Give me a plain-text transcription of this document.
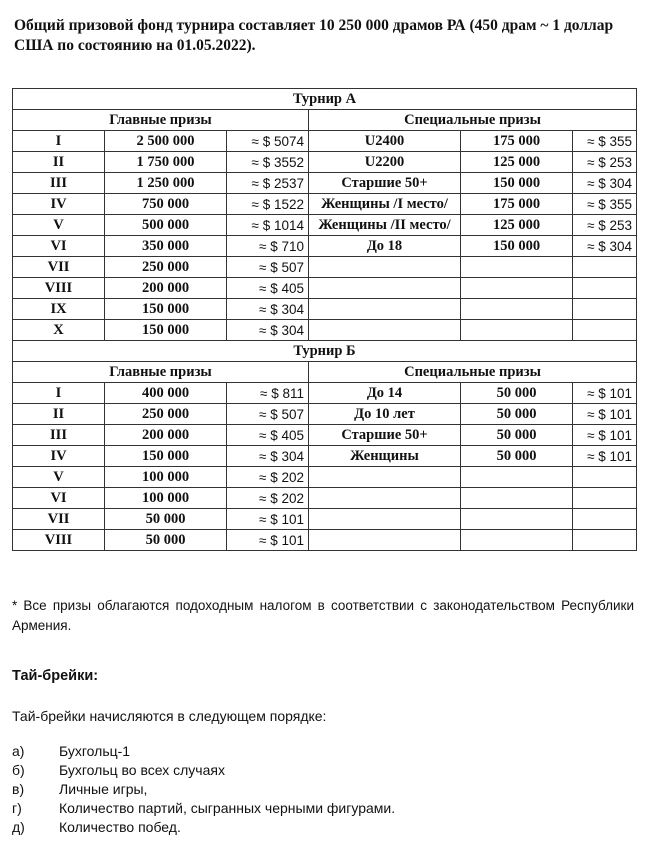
Общий призовой фонд турнира составляет 10 250 000 драмов РА (450 драм ~ 1 доллар США по состоянию на 01.05.2022).
Турнир А					
Главные призы			Специальные призы		
I	2 500 000	≈ $ 5074	U2400	175 000	≈ $ 355
II	1 750 000	≈ $ 3552	U2200	125 000	≈ $ 253
III	1 250 000	≈ $ 2537	Старшие 50+	150 000	≈ $ 304
IV	750 000	≈ $ 1522	Женщины /I место/	175 000	≈ $ 355
V	500 000	≈ $ 1014	Женщины /II место/	125 000	≈ $ 253
VI	350 000	≈ $ 710	До 18	150 000	≈ $ 304
VII	250 000	≈ $ 507			
VIII	200 000	≈ $ 405			
IX	150 000	≈ $ 304			
X	150 000	≈ $ 304			
Турнир Б					
Главные призы			Специальные призы		
I	400 000	≈ $ 811	До 14	50 000	≈ $ 101
II	250 000	≈ $ 507	До 10 лет	50 000	≈ $ 101
III	200 000	≈ $ 405	Старшие 50+	50 000	≈ $ 101
IV	150 000	≈ $ 304	Женщины	50 000	≈ $ 101
V	100 000	≈ $ 202			
VI	100 000	≈ $ 202			
VII	50 000	≈ $ 101			
VIII	50 000	≈ $ 101			
* Все призы облагаются подоходным налогом в соответствии с законодательством Республики Армения.
Тай-брейки:
Тай-брейки начисляются в следующем порядке:
а)	Бухгольц-1
б)	Бухгольц во всех случаях
в)	Личные игры,
г)	Количество партий, сыгранных черными фигурами.
д)	Количество побед.
